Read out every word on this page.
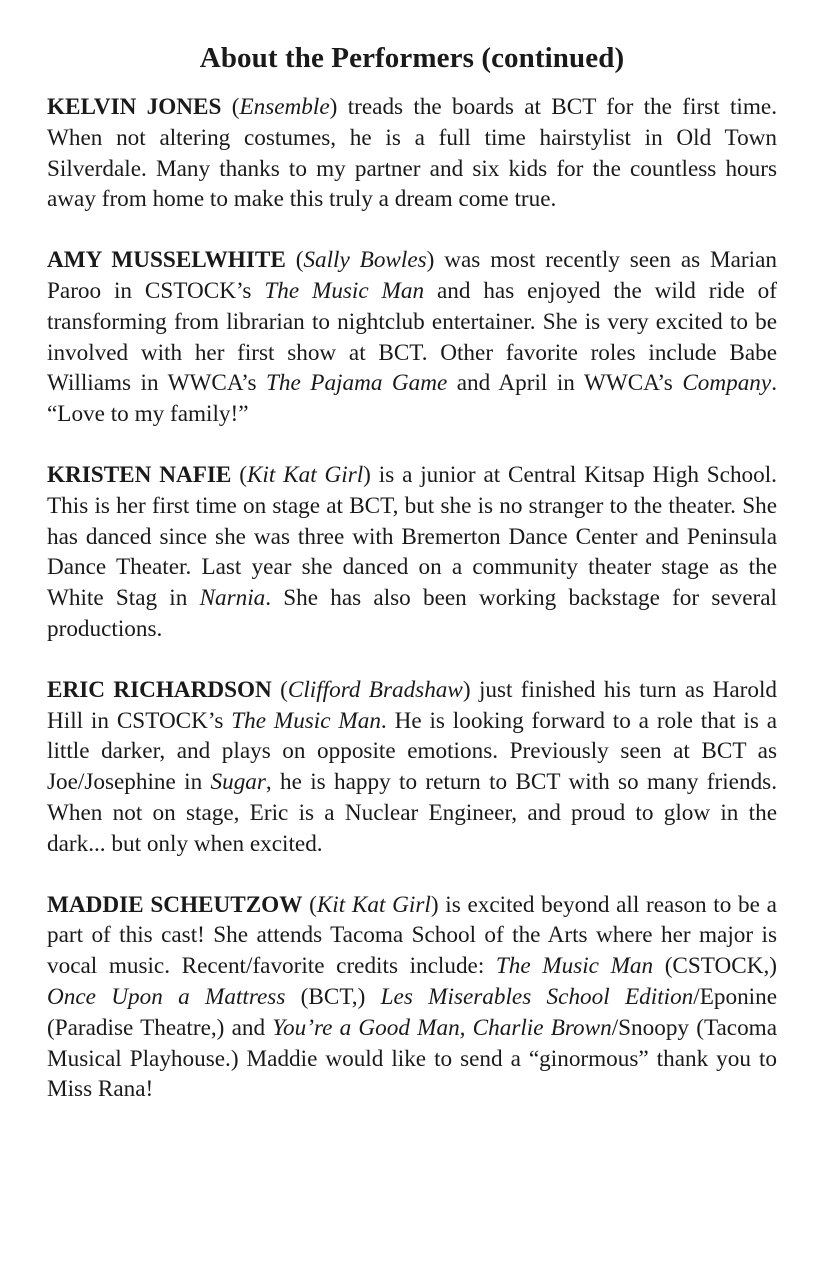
About the Performers (continued)

KELVIN JONES (Ensemble) treads the boards at BCT for the first time. When not altering costumes, he is a full time hairstylist in Old Town Silverdale. Many thanks to my partner and six kids for the countless hours away from home to make this truly a dream come true.

AMY MUSSELWHITE (Sally Bowles) was most recently seen as Marian Paroo in CSTOCK’s The Music Man and has enjoyed the wild ride of transforming from librarian to nightclub entertainer. She is very excited to be involved with her first show at BCT. Other favorite roles include Babe Williams in WWCA’s The Pajama Game and April in WWCA’s Company. “Love to my family!”

KRISTEN NAFIE (Kit Kat Girl) is a junior at Central Kitsap High School. This is her first time on stage at BCT, but she is no stranger to the theater. She has danced since she was three with Bremerton Dance Center and Peninsula Dance Theater. Last year she danced on a community theater stage as the White Stag in Narnia. She has also been working backstage for several productions.

ERIC RICHARDSON (Clifford Bradshaw) just finished his turn as Harold Hill in CSTOCK’s The Music Man. He is looking forward to a role that is a little darker, and plays on opposite emotions. Previously seen at BCT as Joe/Josephine in Sugar, he is happy to return to BCT with so many friends. When not on stage, Eric is a Nuclear Engineer, and proud to glow in the dark... but only when excited.

MADDIE SCHEUTZOW (Kit Kat Girl) is excited beyond all reason to be a part of this cast! She attends Tacoma School of the Arts where her major is vocal music. Recent/favorite credits include: The Music Man (CSTOCK,) Once Upon a Mattress (BCT,) Les Miserables School Edition/Eponine (Paradise Theatre,) and You’re a Good Man, Charlie Brown/Snoopy (Tacoma Musical Playhouse.) Maddie would like to send a “ginormous” thank you to Miss Rana!
